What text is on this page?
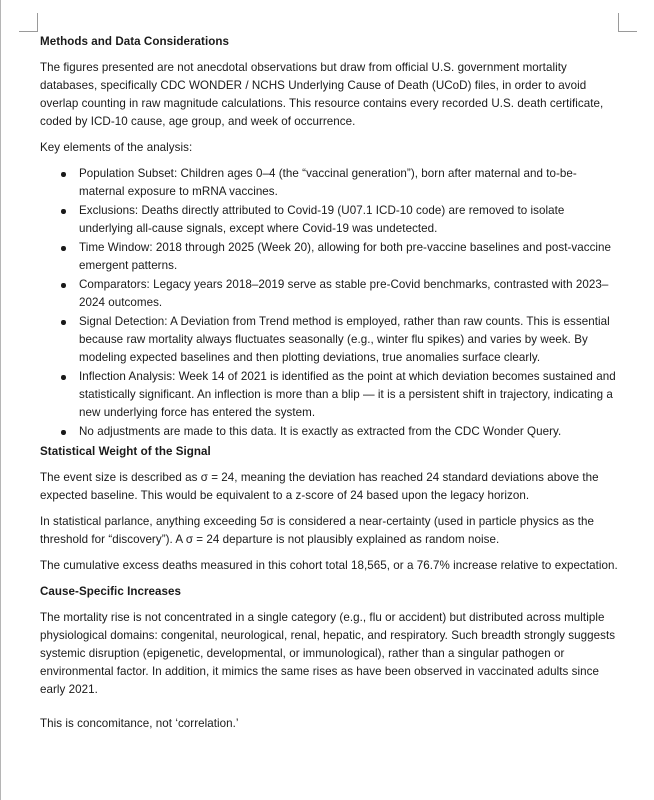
Methods and Data Considerations

The figures presented are not anecdotal observations but draw from official U.S. government mortality databases, specifically CDC WONDER / NCHS Underlying Cause of Death (UCoD) files, in order to avoid overlap counting in raw magnitude calculations. This resource contains every recorded U.S. death certificate, coded by ICD-10 cause, age group, and week of occurrence.

Key elements of the analysis:

Population Subset: Children ages 0–4 (the “vaccinal generation”), born after maternal and to-be-maternal exposure to mRNA vaccines.
Exclusions: Deaths directly attributed to Covid-19 (U07.1 ICD-10 code) are removed to isolate underlying all-cause signals, except where Covid-19 was undetected.
Time Window: 2018 through 2025 (Week 20), allowing for both pre-vaccine baselines and post-vaccine emergent patterns.
Comparators: Legacy years 2018–2019 serve as stable pre-Covid benchmarks, contrasted with 2023–2024 outcomes.
Signal Detection: A Deviation from Trend method is employed, rather than raw counts. This is essential because raw mortality always fluctuates seasonally (e.g., winter flu spikes) and varies by week. By modeling expected baselines and then plotting deviations, true anomalies surface clearly.
Inflection Analysis: Week 14 of 2021 is identified as the point at which deviation becomes sustained and statistically significant. An inflection is more than a blip — it is a persistent shift in trajectory, indicating a new underlying force has entered the system.
No adjustments are made to this data. It is exactly as extracted from the CDC Wonder Query.
Statistical Weight of the Signal

The event size is described as σ = 24, meaning the deviation has reached 24 standard deviations above the expected baseline. This would be equivalent to a z-score of 24 based upon the legacy horizon.

In statistical parlance, anything exceeding 5σ is considered a near-certainty (used in particle physics as the threshold for “discovery”). A σ = 24 departure is not plausibly explained as random noise.

The cumulative excess deaths measured in this cohort total 18,565, or a 76.7% increase relative to expectation.

Cause-Specific Increases

The mortality rise is not concentrated in a single category (e.g., flu or accident) but distributed across multiple physiological domains: congenital, neurological, renal, hepatic, and respiratory. Such breadth strongly suggests systemic disruption (epigenetic, developmental, or immunological), rather than a singular pathogen or environmental factor. In addition, it mimics the same rises as have been observed in vaccinated adults since early 2021.

This is concomitance, not ‘correlation.’
